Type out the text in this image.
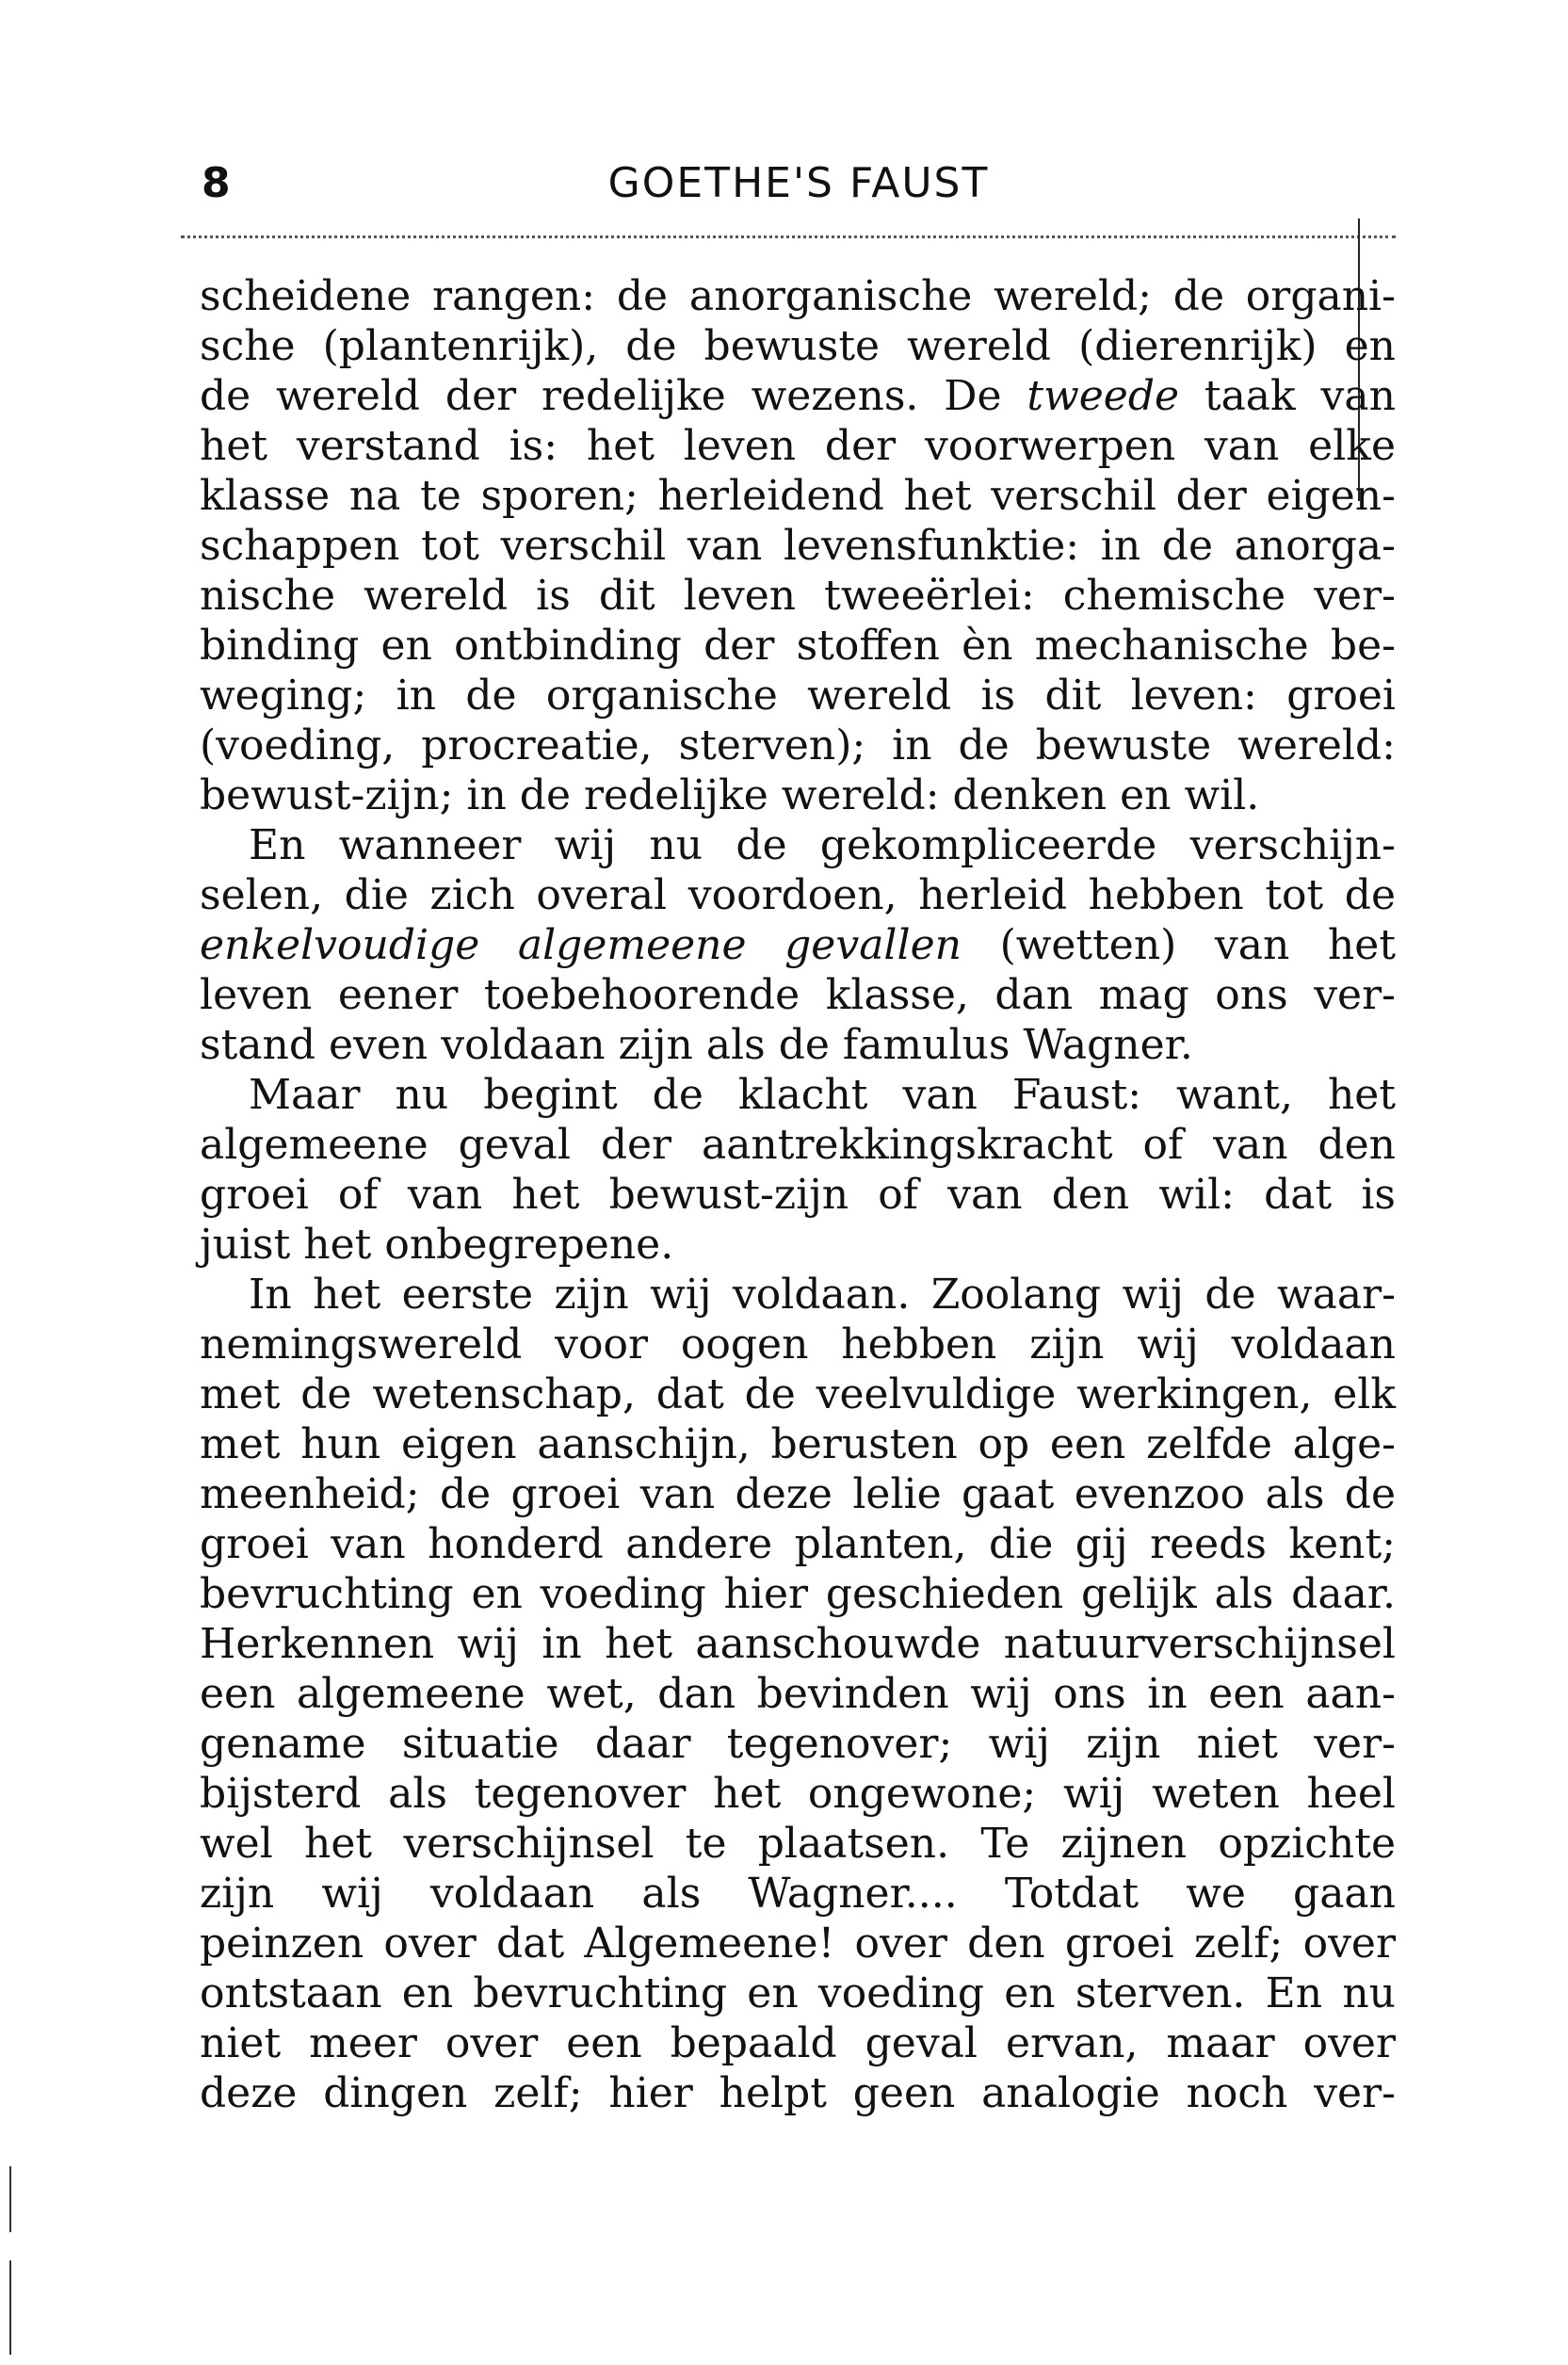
8	GOETHE'S FAUST
scheidene rangen: de anorganische wereld; de organi-
sche (plantenrijk), de bewuste wereld (dierenrijk) en
de wereld der redelijke wezens. De tweede taak van
het verstand is: het leven der voorwerpen van elke
klasse na te sporen; herleidend het verschil der eigen-
schappen tot verschil van levensfunktie: in de anorga-
nische wereld is dit leven tweeërlei: chemische ver-
binding en ontbinding der stoffen èn mechanische be-
weging; in de organische wereld is dit leven: groei
(voeding, procreatie, sterven); in de bewuste wereld:
bewust-zijn; in de redelijke wereld: denken en wil.
En wanneer wij nu de gekompliceerde verschijn-
selen, die zich overal voordoen, herleid hebben tot de
enkelvoudige algemeene gevallen (wetten) van het
leven eener toebehoorende klasse, dan mag ons ver-
stand even voldaan zijn als de famulus Wagner.
Maar nu begint de klacht van Faust: want, het
algemeene geval der aantrekkingskracht of van den
groei of van het bewust-zijn of van den wil: dat is
juist het onbegrepene.
In het eerste zijn wij voldaan. Zoolang wij de waar-
nemingswereld voor oogen hebben zijn wij voldaan
met de wetenschap, dat de veelvuldige werkingen, elk
met hun eigen aanschijn, berusten op een zelfde alge-
meenheid; de groei van deze lelie gaat evenzoo als de
groei van honderd andere planten, die gij reeds kent;
bevruchting en voeding hier geschieden gelijk als daar.
Herkennen wij in het aanschouwde natuurverschijnsel
een algemeene wet, dan bevinden wij ons in een aan-
gename situatie daar tegenover; wij zijn niet ver-
bijsterd als tegenover het ongewone; wij weten heel
wel het verschijnsel te plaatsen. Te zijnen opzichte
zijn wij voldaan als Wagner.... Totdat we gaan
peinzen over dat Algemeene! over den groei zelf; over
ontstaan en bevruchting en voeding en sterven. En nu
niet meer over een bepaald geval ervan, maar over
deze dingen zelf; hier helpt geen analogie noch ver-
